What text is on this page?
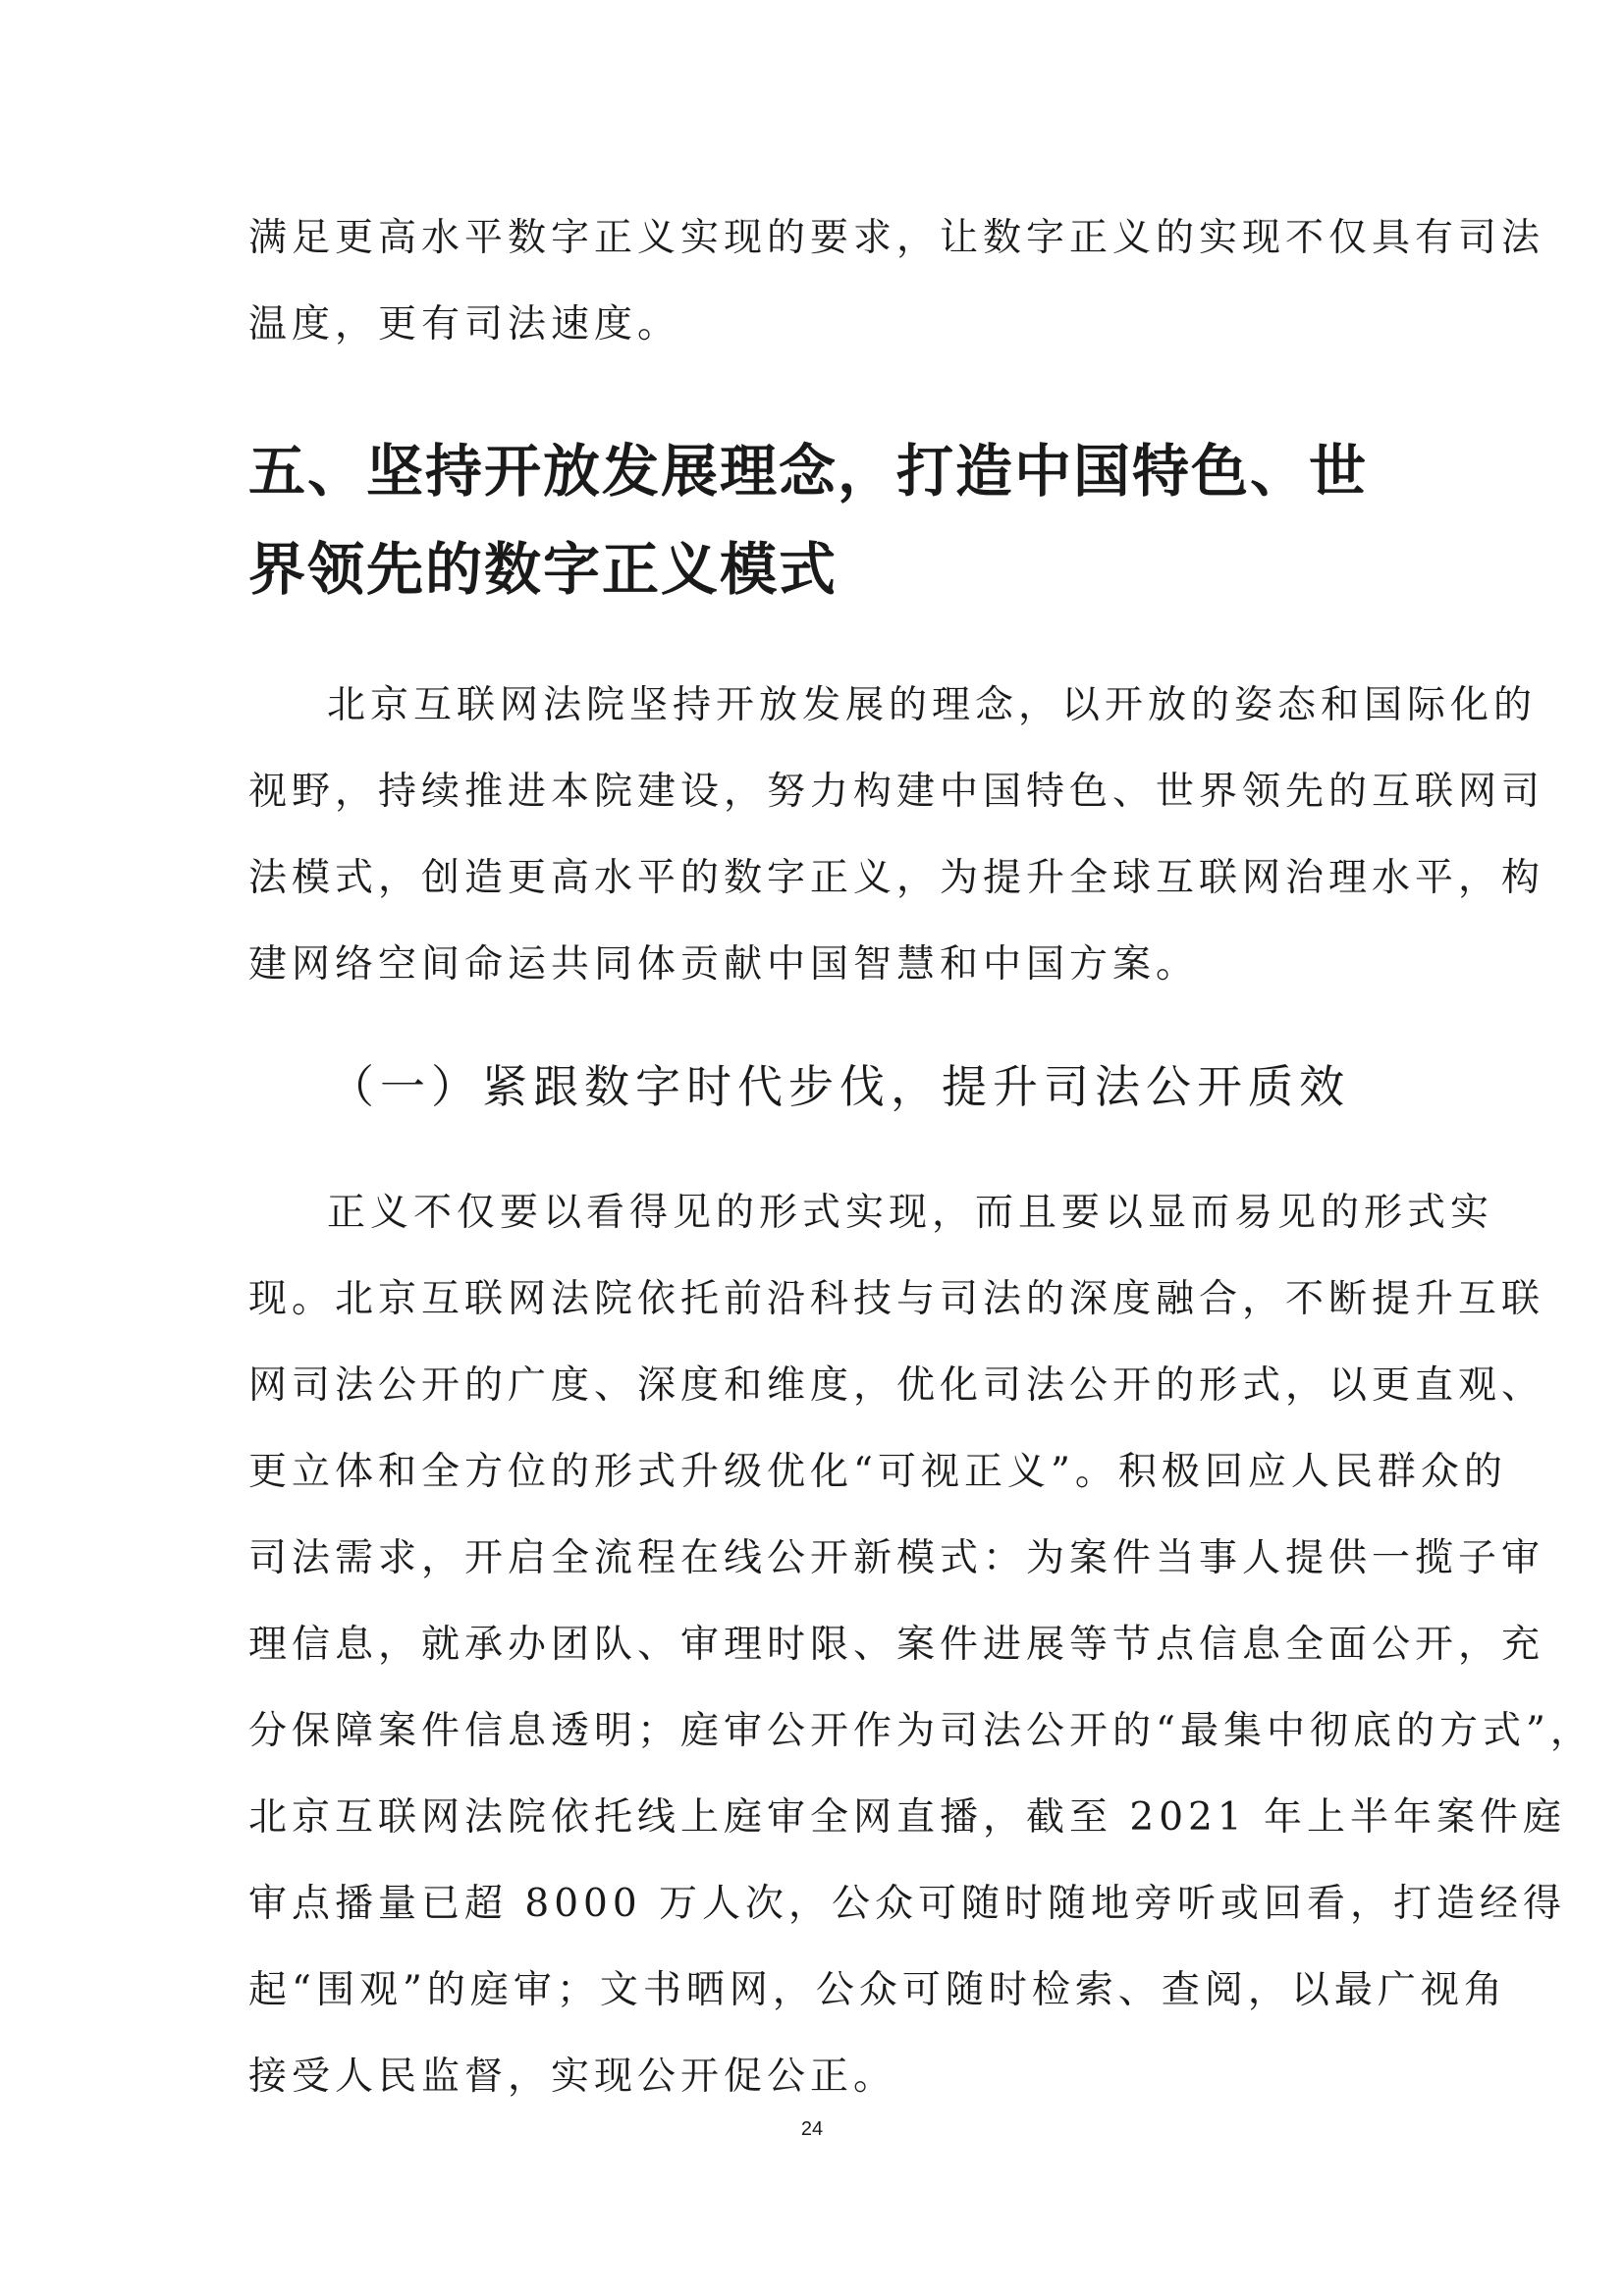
满足更高水平数字正义实现的要求，让数字正义的实现不仅具有司法
温度，更有司法速度。
五、坚持开放发展理念，打造中国特色、世
界领先的数字正义模式
北京互联网法院坚持开放发展的理念，以开放的姿态和国际化的
视野，持续推进本院建设，努力构建中国特色、世界领先的互联网司
法模式，创造更高水平的数字正义，为提升全球互联网治理水平，构
建网络空间命运共同体贡献中国智慧和中国方案。
（一）紧跟数字时代步伐，提升司法公开质效
正义不仅要以看得见的形式实现，而且要以显而易见的形式实
现。北京互联网法院依托前沿科技与司法的深度融合，不断提升互联
网司法公开的广度、深度和维度，优化司法公开的形式，以更直观、
更立体和全方位的形式升级优化“可视正义”。积极回应人民群众的
司法需求，开启全流程在线公开新模式：为案件当事人提供一揽子审
理信息，就承办团队、审理时限、案件进展等节点信息全面公开，充
分保障案件信息透明；庭审公开作为司法公开的“最集中彻底的方式”，
北京互联网法院依托线上庭审全网直播，截至 2021 年上半年案件庭
审点播量已超 8000 万人次，公众可随时随地旁听或回看，打造经得
起“围观”的庭审；文书晒网，公众可随时检索、查阅，以最广视角
接受人民监督，实现公开促公正。
24
